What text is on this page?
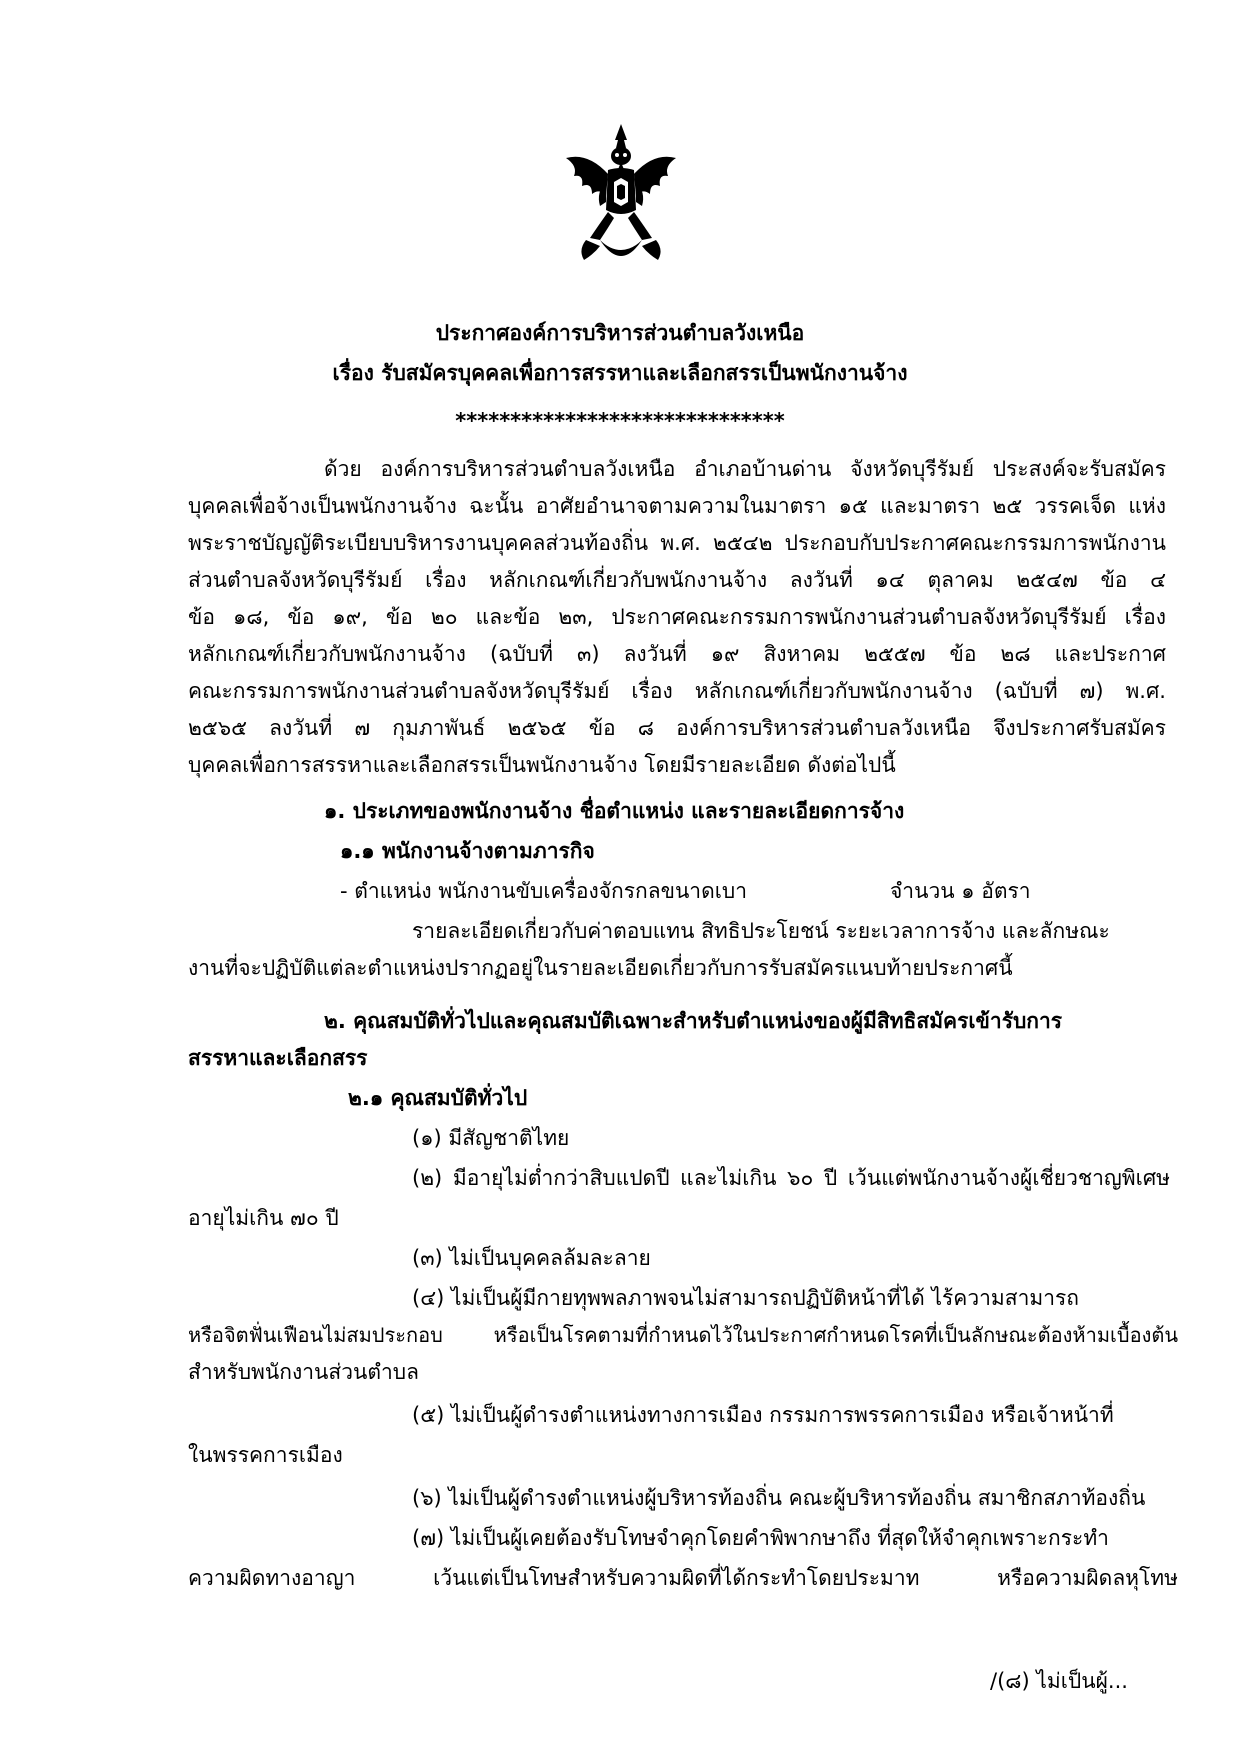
ประกาศองค์การบริหารส่วนตำบลวังเหนือ
เรื่อง รับสมัครบุคคลเพื่อการสรรหาและเลือกสรรเป็นพนักงานจ้าง
******************************
ด้วย องค์การบริหารส่วนตำบลวังเหนือ อำเภอบ้านด่าน จังหวัดบุรีรัมย์ ประสงค์จะรับสมัคร
บุคคลเพื่อจ้างเป็นพนักงานจ้าง ฉะนั้น อาศัยอำนาจตามความในมาตรา ๑๕ และมาตรา ๒๕ วรรคเจ็ด แห่ง
พระราชบัญญัติระเบียบบริหารงานบุคคลส่วนท้องถิ่น พ.ศ. ๒๕๔๒ ประกอบกับประกาศคณะกรรมการพนักงาน
ส่วนตำบลจังหวัดบุรีรัมย์ เรื่อง หลักเกณฑ์เกี่ยวกับพนักงานจ้าง ลงวันที่ ๑๔ ตุลาคม ๒๕๔๗ ข้อ ๔
ข้อ ๑๘, ข้อ ๑๙, ข้อ ๒๐ และข้อ ๒๓, ประกาศคณะกรรมการพนักงานส่วนตำบลจังหวัดบุรีรัมย์ เรื่อง
หลักเกณฑ์เกี่ยวกับพนักงานจ้าง (ฉบับที่ ๓) ลงวันที่ ๑๙ สิงหาคม ๒๕๕๗ ข้อ ๒๘ และประกาศ
คณะกรรมการพนักงานส่วนตำบลจังหวัดบุรีรัมย์ เรื่อง หลักเกณฑ์เกี่ยวกับพนักงานจ้าง (ฉบับที่ ๗) พ.ศ.
๒๕๖๕ ลงวันที่ ๗ กุมภาพันธ์ ๒๕๖๕ ข้อ ๘ องค์การบริหารส่วนตำบลวังเหนือ จึงประกาศรับสมัคร
บุคคลเพื่อการสรรหาและเลือกสรรเป็นพนักงานจ้าง โดยมีรายละเอียด ดังต่อไปนี้
๑. ประเภทของพนักงานจ้าง ชื่อตำแหน่ง และรายละเอียดการจ้าง
๑.๑ พนักงานจ้างตามภารกิจ
- ตำแหน่ง พนักงานขับเครื่องจักรกลขนาดเบา	จำนวน ๑ อัตรา
รายละเอียดเกี่ยวกับค่าตอบแทน สิทธิประโยชน์ ระยะเวลาการจ้าง และลักษณะ
งานที่จะปฏิบัติแต่ละตำแหน่งปรากฏอยู่ในรายละเอียดเกี่ยวกับการรับสมัครแนบท้ายประกาศนี้
๒. คุณสมบัติทั่วไปและคุณสมบัติเฉพาะสำหรับตำแหน่งของผู้มีสิทธิสมัครเข้ารับการ
สรรหาและเลือกสรร
๒.๑ คุณสมบัติทั่วไป
(๑) มีสัญชาติไทย
(๒) มีอายุไม่ต่ำกว่าสิบแปดปี และไม่เกิน ๖๐ ปี เว้นแต่พนักงานจ้างผู้เชี่ยวชาญพิเศษ
อายุไม่เกิน ๗๐ ปี
(๓) ไม่เป็นบุคคลล้มละลาย
(๔) ไม่เป็นผู้มีกายทุพพลภาพจนไม่สามารถปฏิบัติหน้าที่ได้ ไร้ความสามารถ
หรือจิตฟั่นเฟือนไม่สมประกอบ หรือเป็นโรคตามที่กำหนดไว้ในประกาศกำหนดโรคที่เป็นลักษณะต้องห้ามเบื้องต้น
สำหรับพนักงานส่วนตำบล
(๕) ไม่เป็นผู้ดำรงตำแหน่งทางการเมือง กรรมการพรรคการเมือง หรือเจ้าหน้าที่
ในพรรคการเมือง
(๖) ไม่เป็นผู้ดำรงตำแหน่งผู้บริหารท้องถิ่น คณะผู้บริหารท้องถิ่น สมาชิกสภาท้องถิ่น
(๗) ไม่เป็นผู้เคยต้องรับโทษจำคุกโดยคำพิพากษาถึง ที่สุดให้จำคุกเพราะกระทำ
ความผิดทางอาญา เว้นแต่เป็นโทษสำหรับความผิดที่ได้กระทำโดยประมาท หรือความผิดลหุโทษ
/(๘) ไม่เป็นผู้...
